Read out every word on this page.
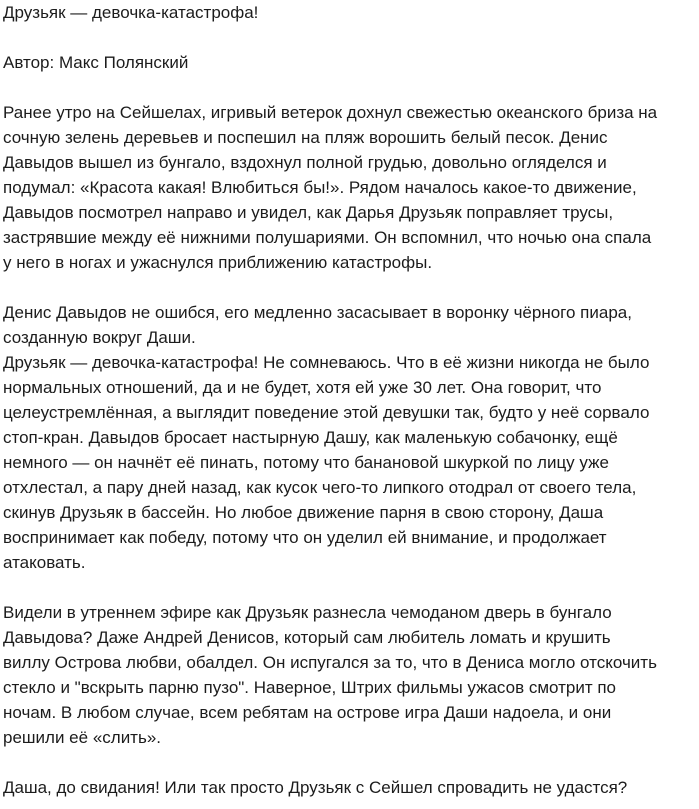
Друзьяк — девочка-катастрофа!
Автор: Макс Полянский
Ранее утро на Сейшелах, игривый ветерок дохнул свежестью океанского бриза на
сочную зелень деревьев и поспешил на пляж ворошить белый песок. Денис
Давыдов вышел из бунгало, вздохнул полной грудью, довольно огляделся и
подумал: «Красота какая! Влюбиться бы!». Рядом началось какое-то движение,
Давыдов посмотрел направо и увидел, как Дарья Друзьяк поправляет трусы,
застрявшие между её нижними полушариями. Он вспомнил, что ночью она спала
у него в ногах и ужаснулся приближению катастрофы.
Денис Давыдов не ошибся, его медленно засасывает в воронку чёрного пиара,
созданную вокруг Даши.
Друзьяк — девочка-катастрофа! Не сомневаюсь. Что в её жизни никогда не было
нормальных отношений, да и не будет, хотя ей уже 30 лет. Она говорит, что
целеустремлённая, а выглядит поведение этой девушки так, будто у неё сорвало
стоп-кран. Давыдов бросает настырную Дашу, как маленькую собачонку, ещё
немного — он начнёт её пинать, потому что банановой шкуркой по лицу уже
отхлестал, а пару дней назад, как кусок чего-то липкого отодрал от своего тела,
скинув Друзьяк в бассейн. Но любое движение парня в свою сторону, Даша
воспринимает как победу, потому что он уделил ей внимание, и продолжает
атаковать.
Видели в утреннем эфире как Друзьяк разнесла чемоданом дверь в бунгало
Давыдова? Даже Андрей Денисов, который сам любитель ломать и крушить
виллу Острова любви, обалдел. Он испугался за то, что в Дениса могло отскочить
стекло и "вскрыть парню пузо". Наверное, Штрих фильмы ужасов смотрит по
ночам. В любом случае, всем ребятам на острове игра Даши надоела, и они
решили её «слить».
Даша, до свидания! Или так просто Друзьяк с Сейшел спровадить не удастся?
